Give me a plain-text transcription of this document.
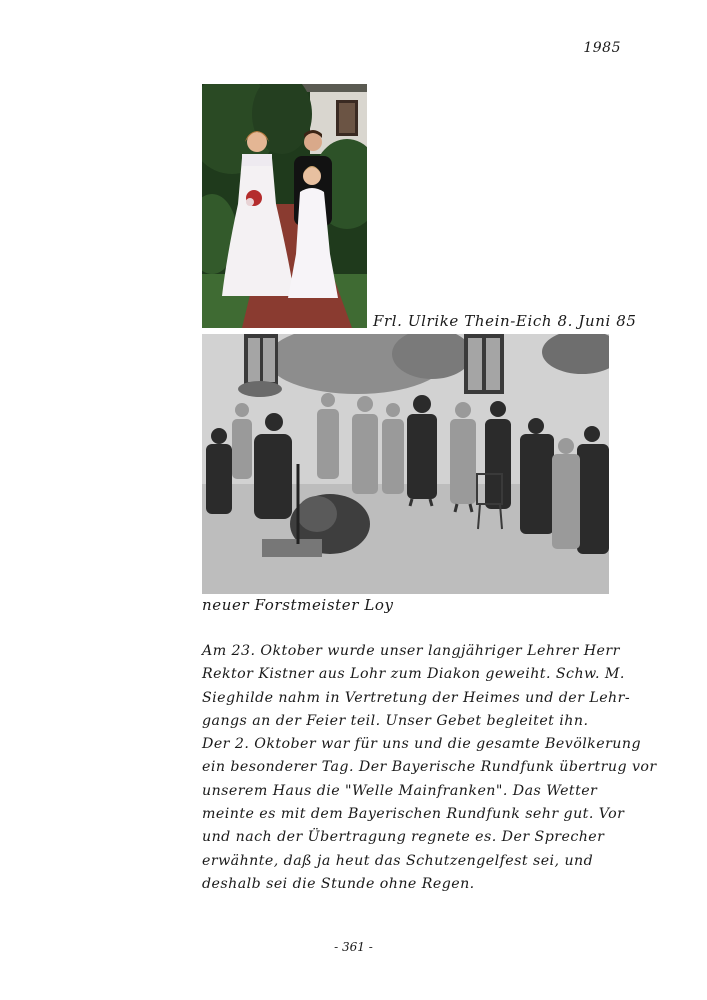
1985
Frl. Ulrike Thein-Eich 8. Juni 85
neuer Forstmeister Loy
Am 23. Oktober wurde unser langjähriger Lehrer Herr
Rektor Kistner aus Lohr zum Diakon geweiht. Schw. M.
Sieghilde nahm in Vertretung der Heimes und der Lehr-
gangs an der Feier teil. Unser Gebet begleitet ihn.
Der 2. Oktober war für uns und die gesamte Bevölkerung
ein besonderer Tag. Der Bayerische Rundfunk übertrug vor
unserem Haus die "Welle Mainfranken". Das Wetter
meinte es mit dem Bayerischen Rundfunk sehr gut. Vor
und nach der Übertragung regnete es. Der Sprecher
erwähnte, daß ja heut das Schutzengelfest sei, und
deshalb sei die Stunde ohne Regen.
- 361 -
